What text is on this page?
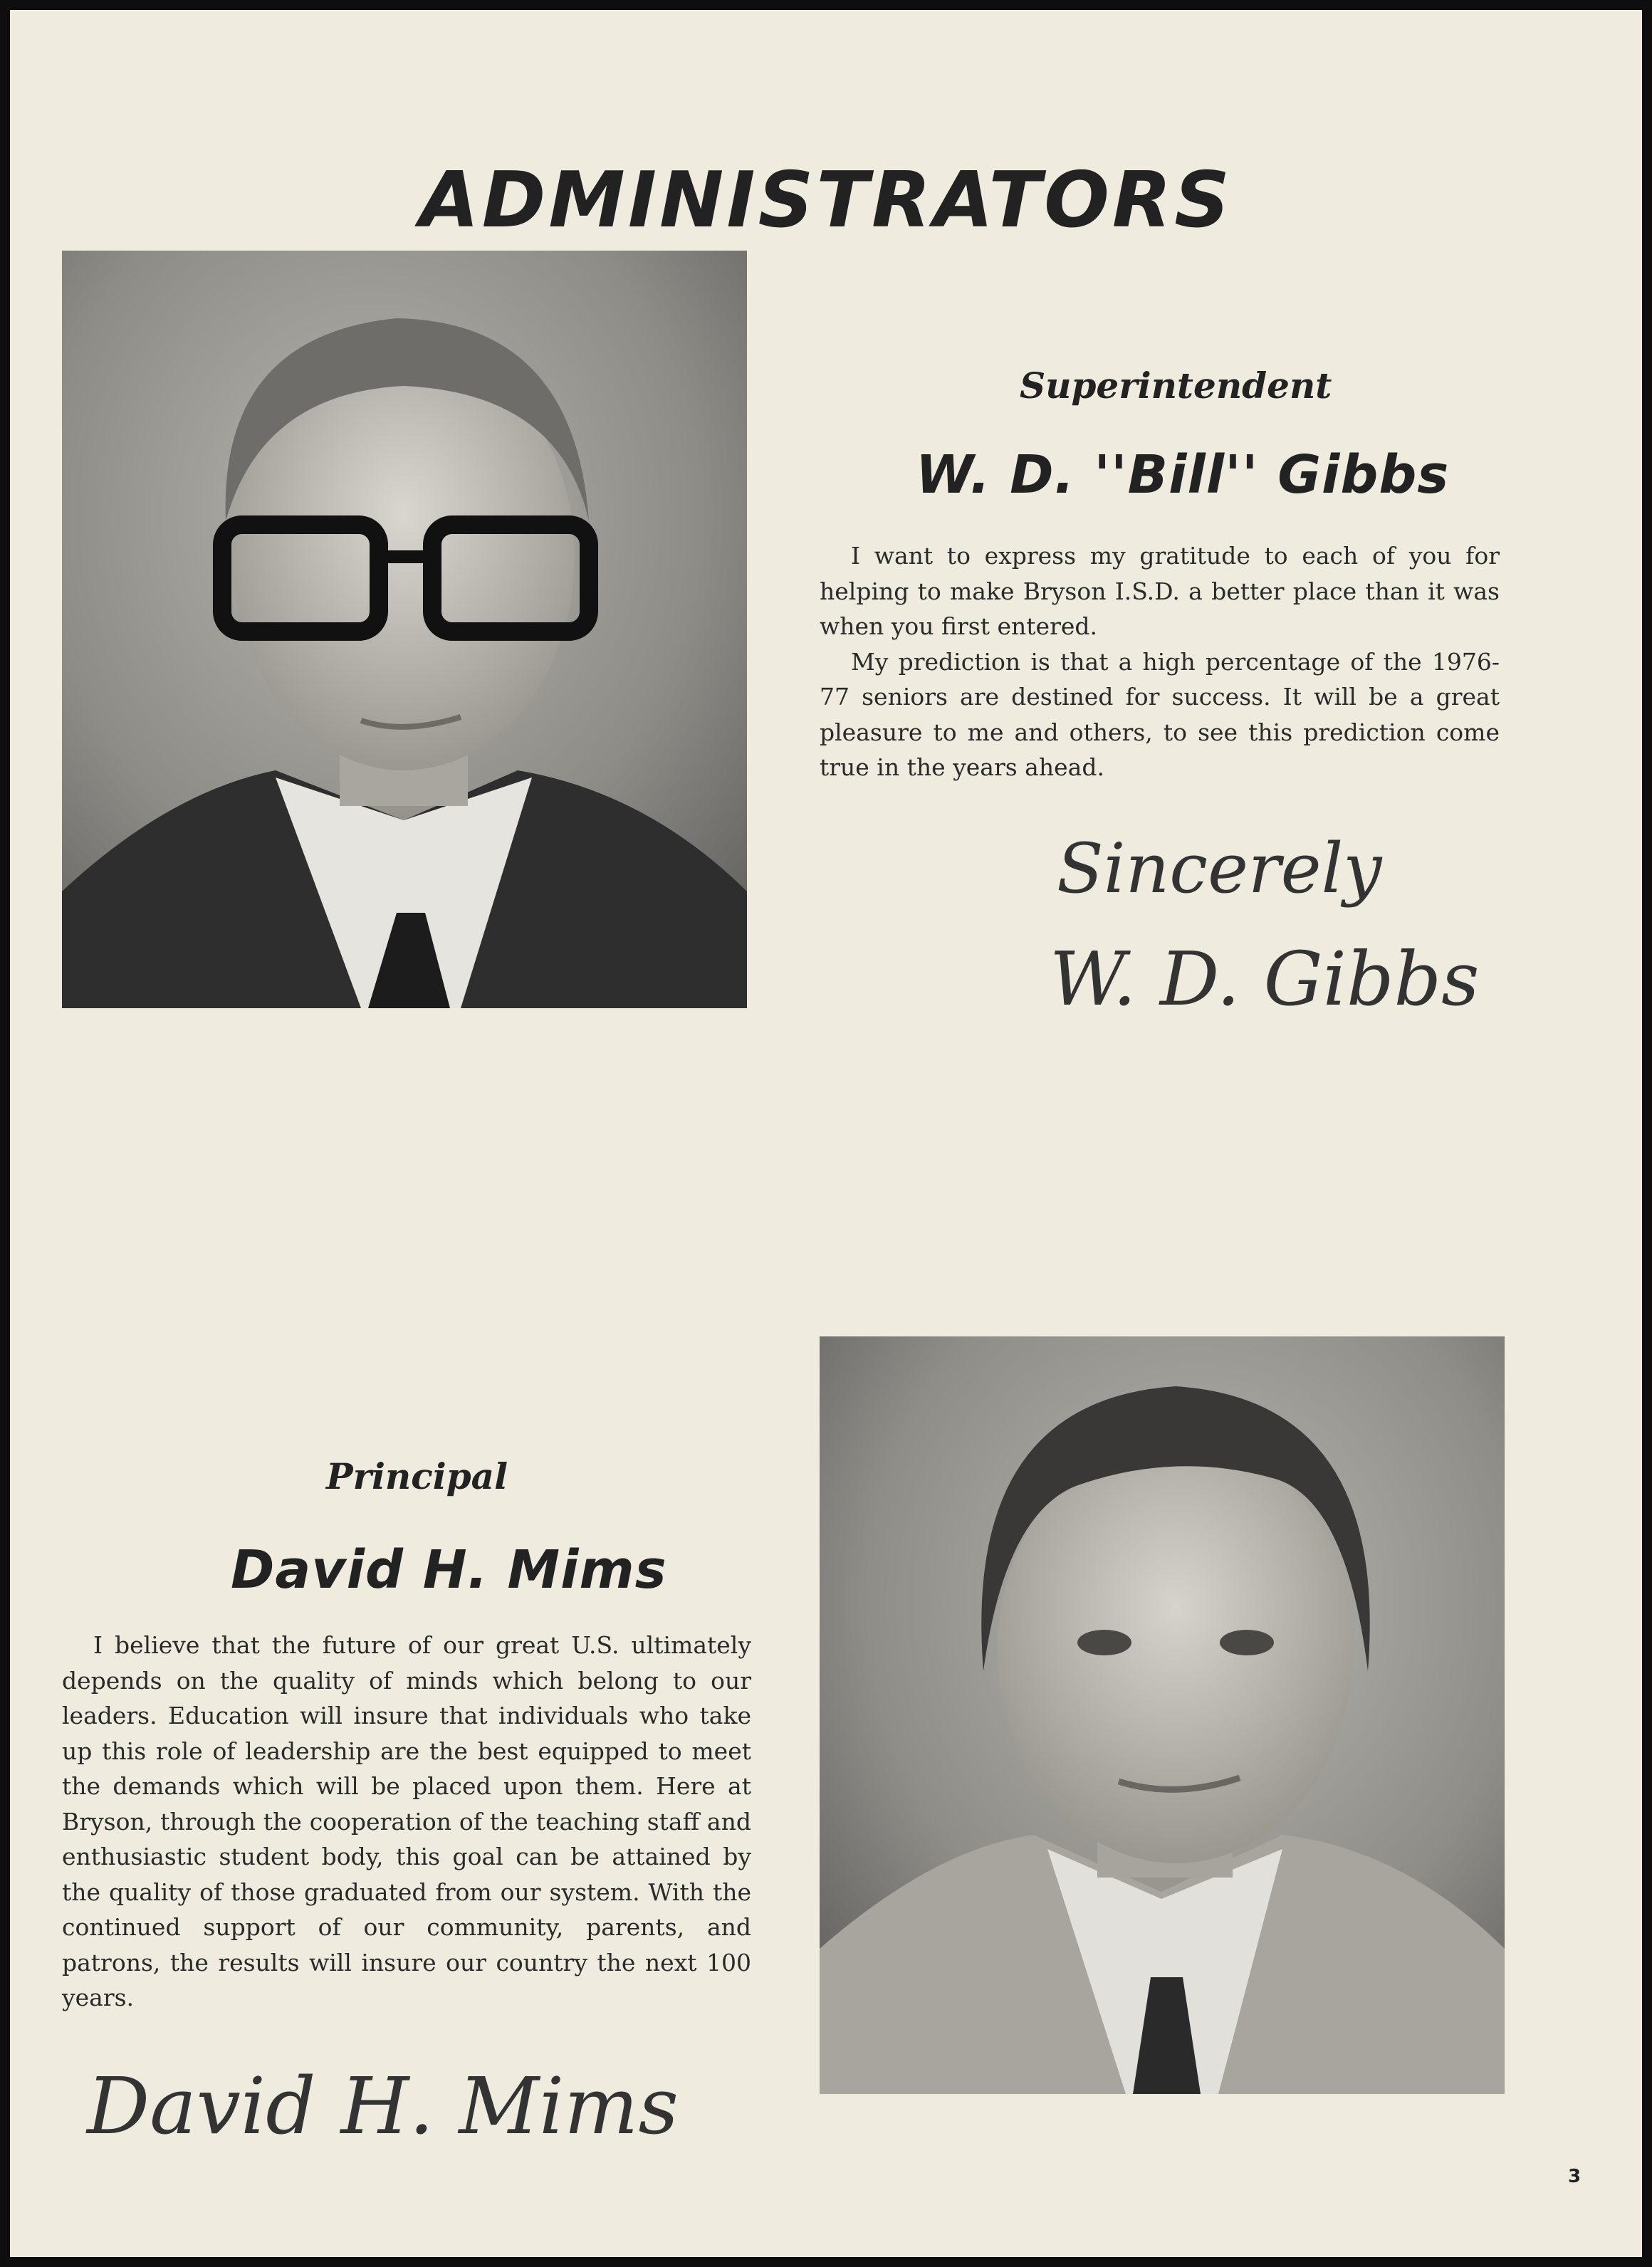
ADMINISTRATORS
Superintendent
W. D. ''Bill'' Gibbs

I want to express my gratitude to each of you for helping to make Bryson I.S.D. a better place than it was when you first entered.

My prediction is that a high percentage of the 1976-77 seniors are destined for success. It will be a great pleasure to me and others, to see this prediction come true in the years ahead.

Sincerely
W. D. Gibbs
Principal
David H. Mims

I believe that the future of our great U.S. ultimately depends on the quality of minds which belong to our leaders. Education will insure that individuals who take up this role of leadership are the best equipped to meet the demands which will be placed upon them. Here at Bryson, through the cooperation of the teaching staff and enthusiastic student body, this goal can be attained by the quality of those graduated from our system. With the continued support of our community, parents, and patrons, the results will insure our country the next 100 years.

David H. Mims
3
